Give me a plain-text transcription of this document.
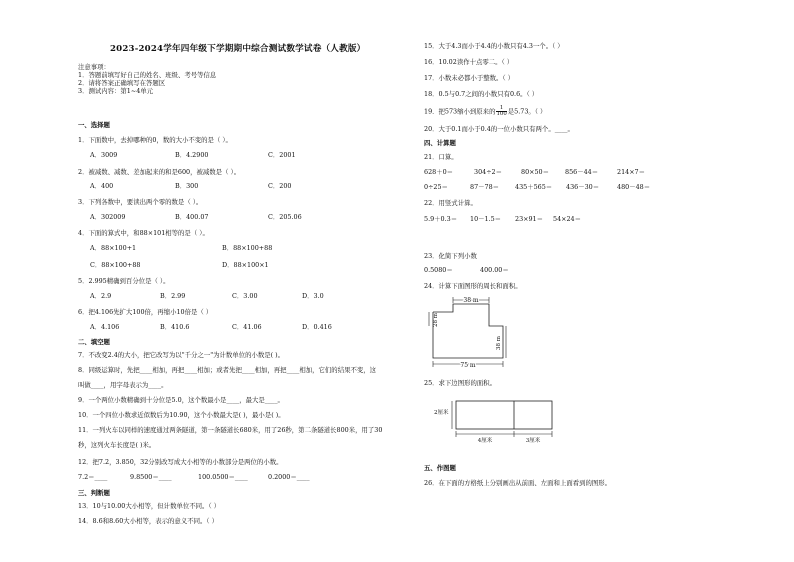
2023-2024学年四年级下学期期中综合测试数学试卷（人教版）
注意事项：
1．答题前填写好自己的姓名、班级、考号等信息
2．请将答案正确填写在答题区
3．测试内容：第1~4单元
一、选择题
1．下面数中，去掉哪种的0，数的大小不变的是（ ）。
A．3009	B．4.2900	C．2001
2．被减数、减数、差加起来的和是600，被减数是（ ）。
A．400	B．300	C．200
3．下列各数中，要读出两个零的数是（ ）。
A．302009	B．400.07	C．205.06
4．下面的算式中，和88×101相等的是（ ）。
A．88×100+1	B．88×100+88
C．88×100+88	D．88×100×1
5．2.995精确到百分位是（ ）。
A．2.9	B．2.99	C．3.00	D．3.0
6．把4.106先扩大100倍，再缩小10倍是（ ）
A．4.106	B．410.6	C．41.06	D．0.416
二、填空题
7．不改变2.4的大小，把它改写为以"千分之一"为计数单位的小数是( )。
8．同级运算时，先把____相加，再把____相加；或者先把____相加，再把____相加，它们的结果不变，这
叫做____，用字母表示为____。
9．一个两位小数精确到十分位是5.0，这个数最小是____，最大是____。
10．一个四位小数求近似数后为10.90，这个小数最大是( )，最小是( )。
11．一列火车以同样的速度通过两条隧道，第一条隧道长680米，用了26秒，第二条隧道长800米，用了30
秒，这列火车长度是( )米。
12．把7.2，3.850，32分别改写成大小相等的小数部分是两位的小数。
7.2＝____	9.8500＝____	100.0500＝____	0.2000＝____
三、判断题
13．10与10.00大小相等，但计数单位不同。（ ）
14．8.6和8.60大小相等，表示的意义不同。（ ）
15．大于4.3而小于4.4的小数只有4.3一个。（ ）
16．10.02读作十点零二。（ ）
17．小数未必都小于整数。（ ）
18．0.5与0.7之间的小数只有0.6。（ ）
19．把573缩小到原来的 $\frac{1}{100}$ 是5.73。（ ）
20．大于0.1而小于0.4的一位小数只有两个。____。
四、计算题
21．口算。
628＋0＝	304÷2＝	80×50＝ 856－44＝	214×7＝
0÷25＝	87－78＝ 435＋565＝ 436－30＝	480－48＝
22．用竖式计算。
5.9＋0.3＝ 10－1.5＝ 23×91＝ 54×24＝
23．化简下列小数
0.5080＝	400.00＝
24．计算下面图形的周长和面积。
38 m
28 m
38 m
75 m
25．求下边图形的面积。
2厘米
4厘米	3厘米
五、作图题
26．在下面的方格纸上分别画出从前面、左面和上面看到的图形。
